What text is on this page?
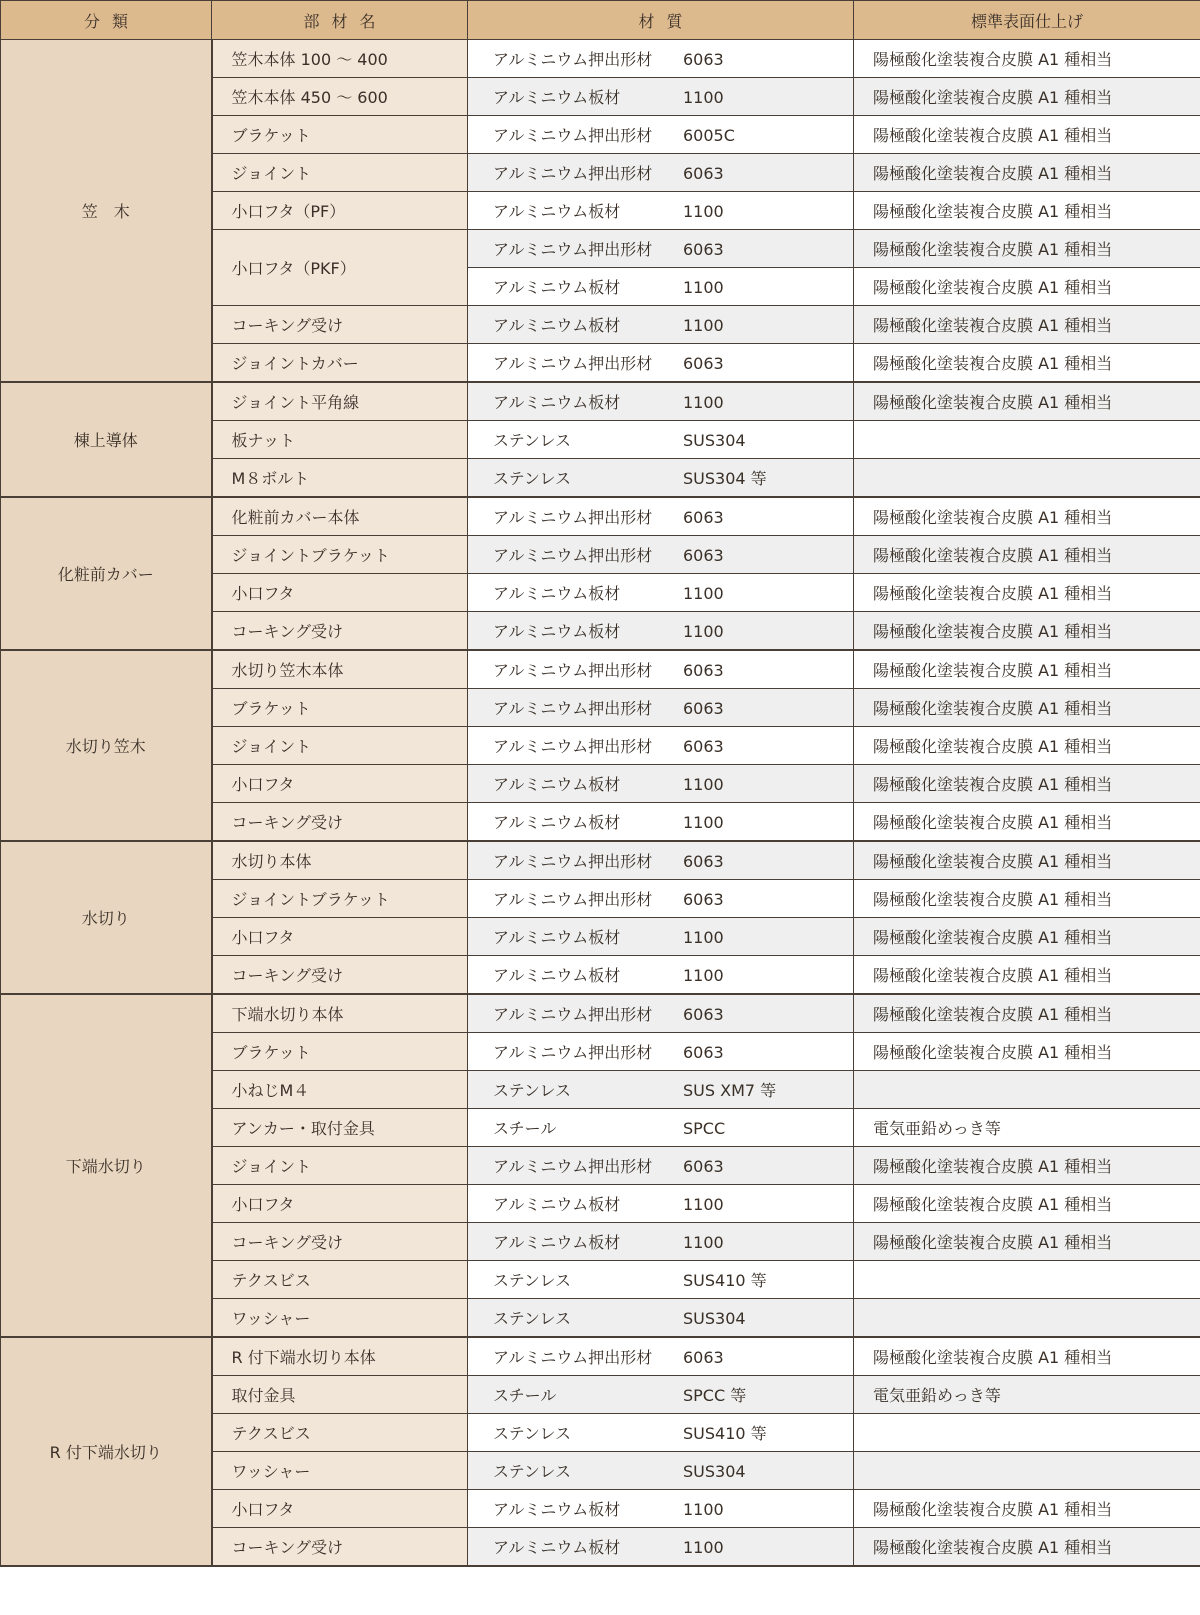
分類	部材名	材質	標準表面仕上げ
笠　木	笠木本体 100 ～ 400	アルミニウム押出形材 6063	陽極酸化塗装複合皮膜 A1 種相当
	笠木本体 450 ～ 600	アルミニウム板材 1100	陽極酸化塗装複合皮膜 A1 種相当
	ブラケット	アルミニウム押出形材 6005C	陽極酸化塗装複合皮膜 A1 種相当
	ジョイント	アルミニウム押出形材 6063	陽極酸化塗装複合皮膜 A1 種相当
	小口フタ（PF）	アルミニウム板材 1100	陽極酸化塗装複合皮膜 A1 種相当
	小口フタ（PKF）	アルミニウム押出形材 6063	陽極酸化塗装複合皮膜 A1 種相当
		アルミニウム板材 1100	陽極酸化塗装複合皮膜 A1 種相当
	コーキング受け	アルミニウム板材 1100	陽極酸化塗装複合皮膜 A1 種相当
	ジョイントカバー	アルミニウム押出形材 6063	陽極酸化塗装複合皮膜 A1 種相当
棟上導体	ジョイント平角線	アルミニウム板材 1100	陽極酸化塗装複合皮膜 A1 種相当
	板ナット	ステンレス SUS304	
	M８ボルト	ステンレス SUS304 等	
化粧前カバー	化粧前カバー本体	アルミニウム押出形材 6063	陽極酸化塗装複合皮膜 A1 種相当
	ジョイントブラケット	アルミニウム押出形材 6063	陽極酸化塗装複合皮膜 A1 種相当
	小口フタ	アルミニウム板材 1100	陽極酸化塗装複合皮膜 A1 種相当
	コーキング受け	アルミニウム板材 1100	陽極酸化塗装複合皮膜 A1 種相当
水切り笠木	水切り笠木本体	アルミニウム押出形材 6063	陽極酸化塗装複合皮膜 A1 種相当
	ブラケット	アルミニウム押出形材 6063	陽極酸化塗装複合皮膜 A1 種相当
	ジョイント	アルミニウム押出形材 6063	陽極酸化塗装複合皮膜 A1 種相当
	小口フタ	アルミニウム板材 1100	陽極酸化塗装複合皮膜 A1 種相当
	コーキング受け	アルミニウム板材 1100	陽極酸化塗装複合皮膜 A1 種相当
水切り	水切り本体	アルミニウム押出形材 6063	陽極酸化塗装複合皮膜 A1 種相当
	ジョイントブラケット	アルミニウム押出形材 6063	陽極酸化塗装複合皮膜 A1 種相当
	小口フタ	アルミニウム板材 1100	陽極酸化塗装複合皮膜 A1 種相当
	コーキング受け	アルミニウム板材 1100	陽極酸化塗装複合皮膜 A1 種相当
下端水切り	下端水切り本体	アルミニウム押出形材 6063	陽極酸化塗装複合皮膜 A1 種相当
	ブラケット	アルミニウム押出形材 6063	陽極酸化塗装複合皮膜 A1 種相当
	小ねじM４	ステンレス SUS XM7 等	
	アンカー・取付金具	スチール SPCC	電気亜鉛めっき等
	ジョイント	アルミニウム押出形材 6063	陽極酸化塗装複合皮膜 A1 種相当
	小口フタ	アルミニウム板材 1100	陽極酸化塗装複合皮膜 A1 種相当
	コーキング受け	アルミニウム板材 1100	陽極酸化塗装複合皮膜 A1 種相当
	テクスビス	ステンレス SUS410 等	
	ワッシャー	ステンレス SUS304	
R 付下端水切り	R 付下端水切り本体	アルミニウム押出形材 6063	陽極酸化塗装複合皮膜 A1 種相当
	取付金具	スチール SPCC 等	電気亜鉛めっき等
	テクスビス	ステンレス SUS410 等	
	ワッシャー	ステンレス SUS304	
	小口フタ	アルミニウム板材 1100	陽極酸化塗装複合皮膜 A1 種相当
	コーキング受け	アルミニウム板材 1100	陽極酸化塗装複合皮膜 A1 種相当
